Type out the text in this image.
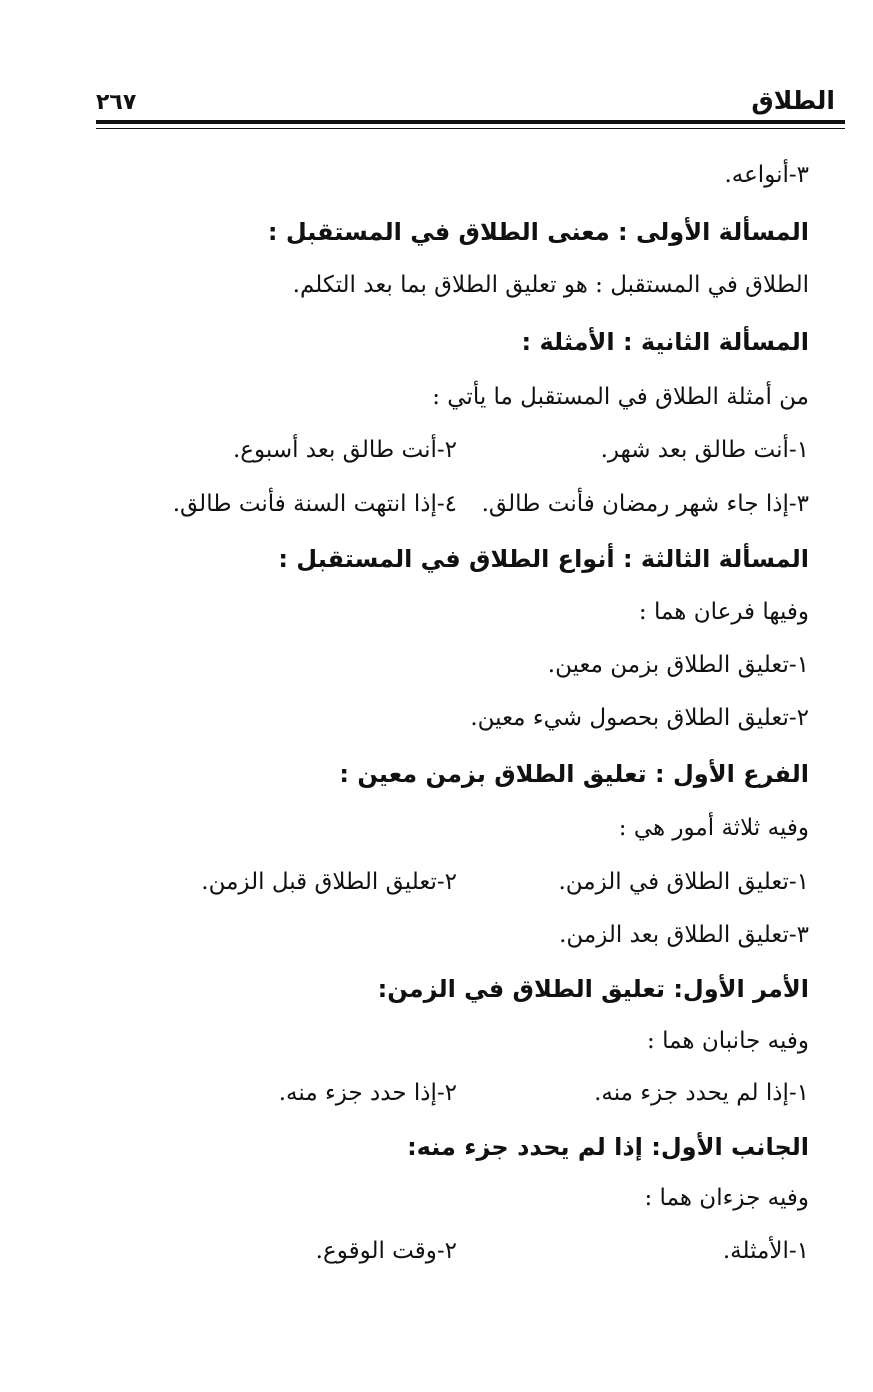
الطلاق
٢٦٧
٣-أنواعه.
المسألة الأولى : معنى الطلاق في المستقبل :
الطلاق في المستقبل : هو تعليق الطلاق بما بعد التكلم.
المسألة الثانية : الأمثلة :
من أمثلة الطلاق في المستقبل ما يأتي :
١-أنت طالق بعد شهر.
٢-أنت طالق بعد أسبوع.
٣-إذا جاء شهر رمضان فأنت طالق.
٤-إذا انتهت السنة فأنت طالق.
المسألة الثالثة : أنواع الطلاق في المستقبل :
وفيها فرعان هما :
١-تعليق الطلاق بزمن معين.
٢-تعليق الطلاق بحصول شيء معين.
الفرع الأول : تعليق الطلاق بزمن معين :
وفيه ثلاثة أمور هي :
١-تعليق الطلاق في الزمن.
٢-تعليق الطلاق قبل الزمن.
٣-تعليق الطلاق بعد الزمن.
الأمر الأول: تعليق الطلاق في الزمن:
وفيه جانبان هما :
١-إذا لم يحدد جزء منه.
٢-إذا حدد جزء منه.
الجانب الأول: إذا لم يحدد جزء منه:
وفيه جزءان هما :
١-الأمثلة.
٢-وقت الوقوع.
